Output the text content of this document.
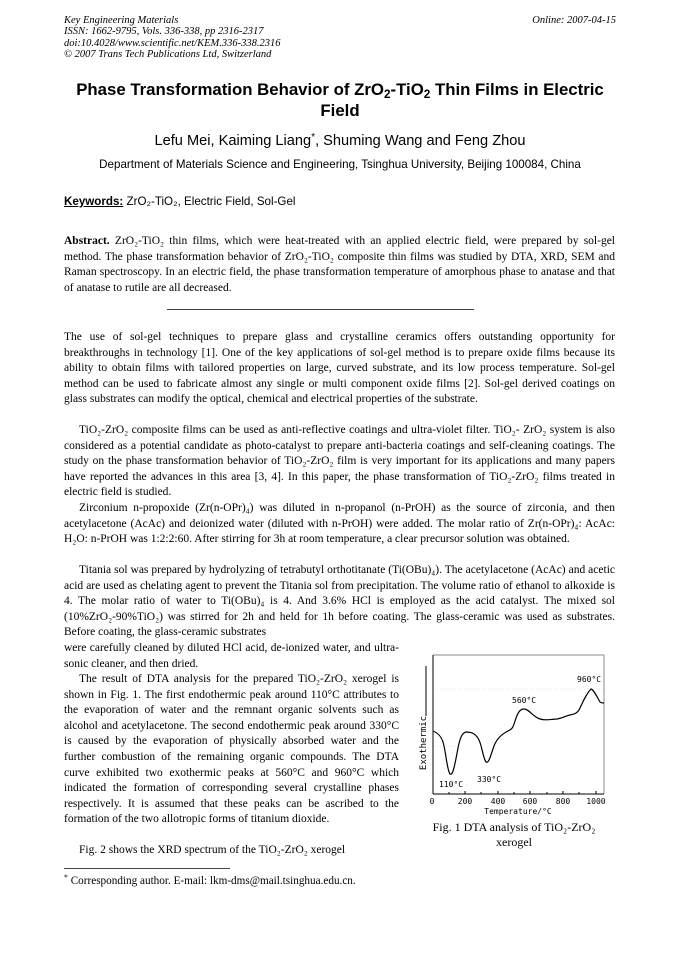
Key Engineering Materials
ISSN: 1662-9795, Vols. 336-338, pp 2316-2317
doi:10.4028/www.scientific.net/KEM.336-338.2316
© 2007 Trans Tech Publications Ltd, Switzerland
Online: 2007-04-15
Phase Transformation Behavior of ZrO$_2$-TiO$_2$ Thin Films in Electric Field
Lefu Mei, Kaiming Liang*, Shuming Wang and Feng Zhou
Department of Materials Science and Engineering, Tsinghua University, Beijing 100084, China
Keywords: ZrO₂-TiO₂, Electric Field, Sol-Gel
Abstract. ZrO₂-TiO₂ thin films, which were heat-treated with an applied electric field, were prepared by sol-gel method. The phase transformation behavior of ZrO₂-TiO₂ composite thin films was studied by DTA, XRD, SEM and Raman spectroscopy. In an electric field, the phase transformation temperature of amorphous phase to anatase and that of anatase to rutile are all decreased.
The use of sol-gel techniques to prepare glass and crystalline ceramics offers outstanding opportunity for breakthroughs in technology [1]. One of the key applications of sol-gel method is to prepare oxide films because its ability to obtain films with tailored properties on large, curved substrate, and its low process temperature. Sol-gel method can be used to fabricate almost any single or multi component oxide films [2]. Sol-gel derived coatings on glass substrates can modify the optical, chemical and electrical properties of the substrate.
TiO₂-ZrO₂ composite films can be used as anti-reflective coatings and ultra-violet filter. TiO₂- ZrO₂ system is also considered as a potential candidate as photo-catalyst to prepare anti-bacteria coatings and self-cleaning coatings. The study on the phase transformation behavior of TiO₂-ZrO₂ film is very important for its applications and many papers have reported the advances in this area [3, 4]. In this paper, the phase transformation of TiO₂-ZrO₂ films treated in electric field is studied.
Zirconium n-propoxide (Zr(n-OPr)₄) was diluted in n-propanol (n-PrOH) as the source of zirconia, and then acetylacetone (AcAc) and deionized water (diluted with n-PrOH) were added. The molar ratio of Zr(n-OPr)₄: AcAc: H₂O: n-PrOH was 1:2:2:60. After stirring for 3h at room temperature, a clear precursor solution was obtained.
Titania sol was prepared by hydrolyzing of tetrabutyl orthotitanate (Ti(OBu)₄). The acetylacetone (AcAc) and acetic acid are used as chelating agent to prevent the Titania sol from precipitation. The volume ratio of ethanol to alkoxide is 4. The molar ratio of water to Ti(OBu)₄ is 4. And 3.6% HCl is employed as the acid catalyst. The mixed sol (10%ZrO₂-90%TiO₂) was stirred for 2h and held for 1h before coating. The glass-ceramic was used as substrates. Before coating, the glass-ceramic substrates
were carefully cleaned by diluted HCl acid, de-ionized water, and ultra-sonic cleaner, and then dried.
The result of DTA analysis for the prepared TiO₂-ZrO₂ xerogel is shown in Fig. 1. The first endothermic peak around 110°C attributes to the evaporation of water and the remnant organic solvents such as alcohol and acetylacetone. The second endothermic peak around 330°C is caused by the evaporation of physically absorbed water and the further combustion of the remaining organic compounds. The DTA curve exhibited two exothermic peaks at 560°C and 960°C which indicated the formation of corresponding several crystalline phases respectively. It is assumed that these peaks can be ascribed to the formation of the two allotropic forms of titanium dioxide.
Fig. 2 shows the XRD spectrum of the TiO₂-ZrO₂ xerogel
* Corresponding author. E-mail: lkm-dms@mail.tsinghua.edu.cn.
110°C
330°C
560°C
960°C
0	200 400 600 800 1000
Temperature/°C
Exothermic
Fig. 1 DTA analysis of TiO₂-ZrO₂
xerogel
